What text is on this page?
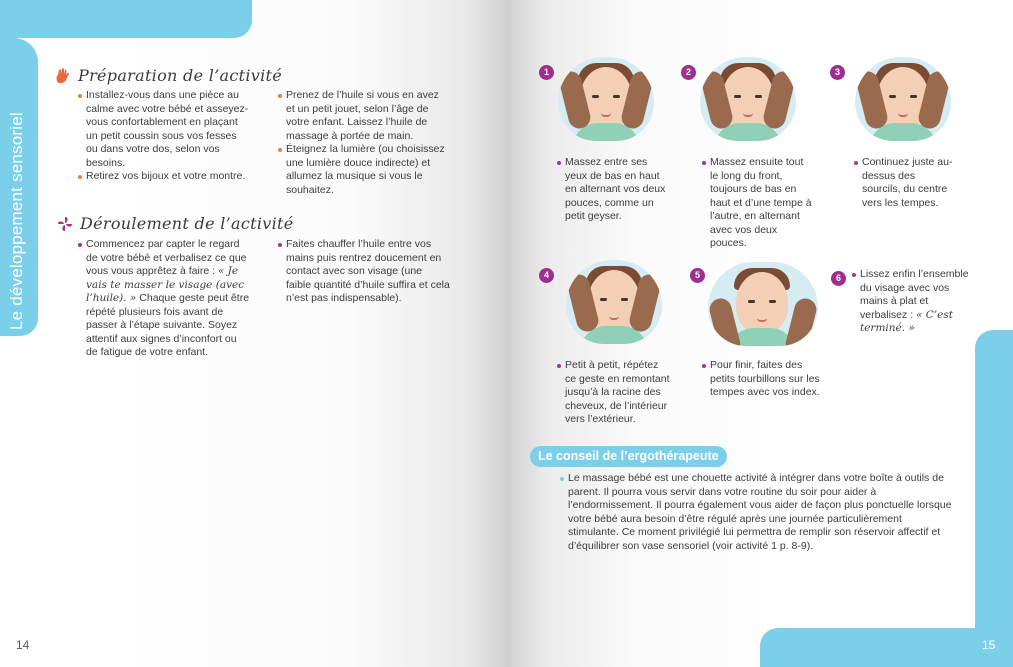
Le développement sensoriel
14	15
Préparation de l’activité
Installez-vous dans une pièce au calme avec votre bébé et asseyez-vous confortablement en plaçant un petit coussin sous vos fesses ou dans votre dos, selon vos besoins.
Retirez vos bijoux et votre montre.
Prenez de l’huile si vous en avez et un petit jouet, selon l’âge de votre enfant. Laissez l’huile de massage à portée de main.
Éteignez la lumière (ou choisissez une lumière douce indirecte) et allumez la musique si vous le souhaitez.
Déroulement de l’activité
Commencez par capter le regard de votre bébé et verbalisez ce que vous vous apprêtez à faire : « Je vais te masser le visage (avec l’huile). » Chaque geste peut être répété plusieurs fois avant de passer à l’étape suivante. Soyez attentif aux signes d’inconfort ou de fatigue de votre enfant.
Faites chauffer l’huile entre vos mains puis rentrez doucement en contact avec son visage (une faible quantité d’huile suffira et cela n’est pas indispensable).
1
Massez entre ses yeux de bas en haut en alternant vos deux pouces, comme un petit geyser.
2
Massez ensuite tout le long du front, toujours de bas en haut et d’une tempe à l’autre, en alternant avec vos deux pouces.
3
Continuez juste au-dessus des sourcils, du centre vers les tempes.
4
Petit à petit, répétez ce geste en remontant jusqu’à la racine des cheveux, de l’intérieur vers l’extérieur.
5
Pour finir, faites des petits tourbillons sur les tempes avec vos index.
6	Lissez enfin l’ensemble du visage avec vos mains à plat et verbalisez : « C’est terminé. »
Le conseil de l’ergothérapeute
Le massage bébé est une chouette activité à intégrer dans votre boîte à outils de parent. Il pourra vous servir dans votre routine du soir pour aider à l’endormissement. Il pourra également vous aider de façon plus ponctuelle lorsque votre bébé aura besoin d’être régulé après une journée particulièrement stimulante. Ce moment privilégié lui permettra de remplir son réservoir affectif et d’équilibrer son vase sensoriel (voir activité 1 p. 8-9).
